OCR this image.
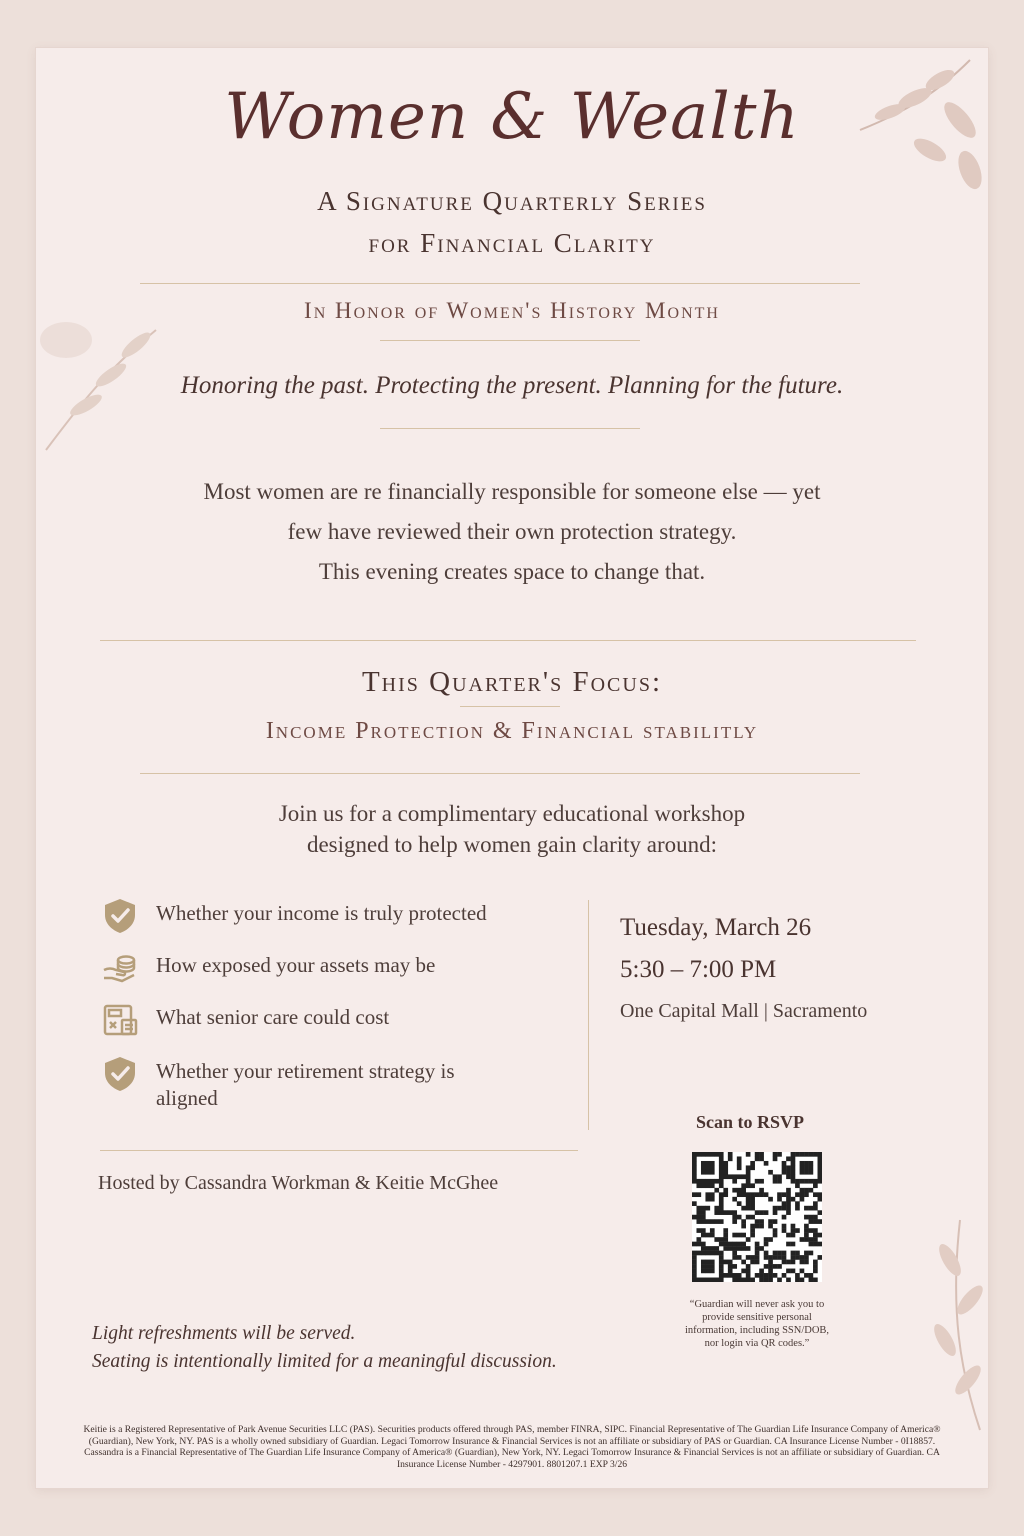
Women & Wealth
A Signature Quarterly Series
for Financial Clarity
In Honor of Women's History Month
Honoring the past. Protecting the present. Planning for the future.
Most women are re financially responsible for someone else — yet
few have reviewed their own protection strategy.
This evening creates space to change that.
This Quarter's Focus:
Income Protection & Financial stabilitly
Join us for a complimentary educational workshop
designed to help women gain clarity around:
Whether your income is truly protected
How exposed your assets may be
What senior care could cost
Whether your retirement strategy is aligned
Tuesday, March 26
5:30 – 7:00 PM
One Capital Mall | Sacramento
Hosted by Cassandra Workman & Keitie McGhee
Scan to RSVP
“Guardian will never ask you to provide sensitive personal information, including SSN/DOB, nor login via QR codes.”
Light refreshments will be served.
Seating is intentionally limited for a meaningful discussion.
Keitie is a Registered Representative of Park Avenue Securities LLC (PAS). Securities products offered through PAS, member FINRA, SIPC. Financial Representative of The Guardian Life Insurance Company of America® (Guardian), New York, NY. PAS is a wholly owned subsidiary of Guardian. Legaci Tomorrow Insurance & Financial Services is not an affiliate or subsidiary of PAS or Guardian. CA Insurance License Number - 0I18857. Cassandra is a Financial Representative of The Guardian Life Insurance Company of America® (Guardian), New York, NY. Legaci Tomorrow Insurance & Financial Services is not an affiliate or subsidiary of Guardian. CA Insurance License Number - 4297901. 8801207.1 EXP 3/26
